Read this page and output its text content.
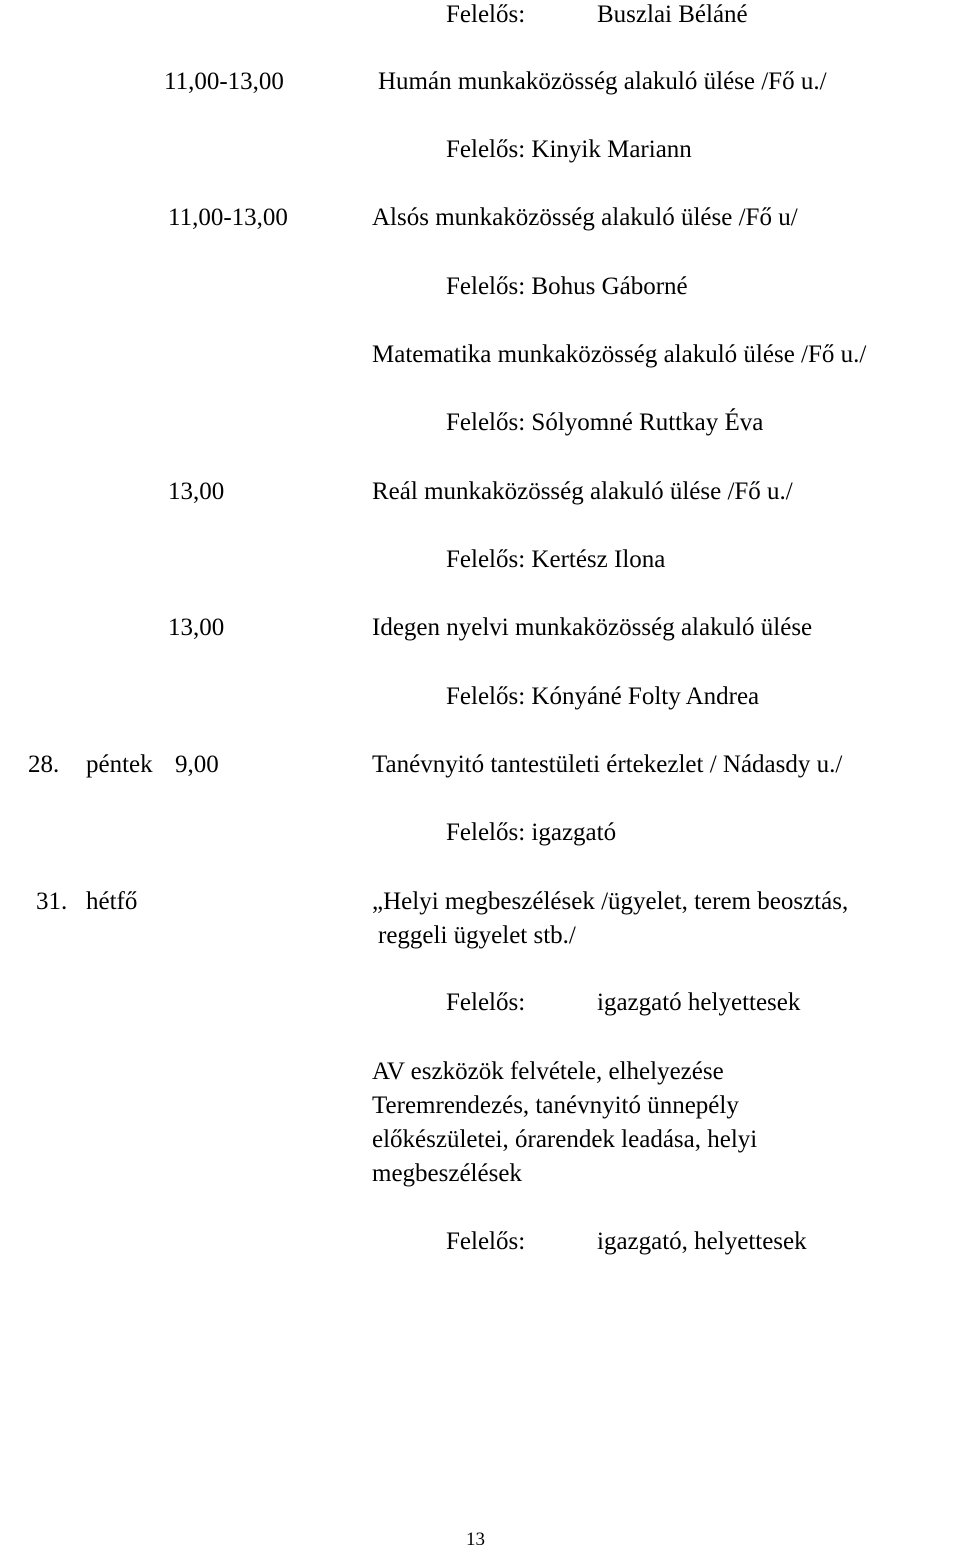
Felelős:	Buszlai Béláné
11,00-13,00	Humán munkaközösség alakuló ülése /Fő u./
Felelős: Kinyik Mariann
11,00-13,00	Alsós munkaközösség alakuló ülése /Fő u/
Felelős: Bohus Gáborné
Matematika munkaközösség alakuló ülése /Fő u./
Felelős: Sólyomné Ruttkay Éva
13,00	Reál munkaközösség alakuló ülése /Fő u./
Felelős: Kertész Ilona
13,00	Idegen nyelvi munkaközösség alakuló ülése
Felelős: Kónyáné Folty Andrea
28. péntek 9,00	Tanévnyitó tantestületi értekezlet / Nádasdy u./
Felelős: igazgató
31. hétfő	„Helyi megbeszélések /ügyelet, terem beosztás,
reggeli ügyelet stb./
Felelős:	igazgató helyettesek
AV eszközök felvétele, elhelyezése
Teremrendezés, tanévnyitó ünnepély
előkészületei, órarendek leadása, helyi
megbeszélések
Felelős:	igazgató, helyettesek
13
